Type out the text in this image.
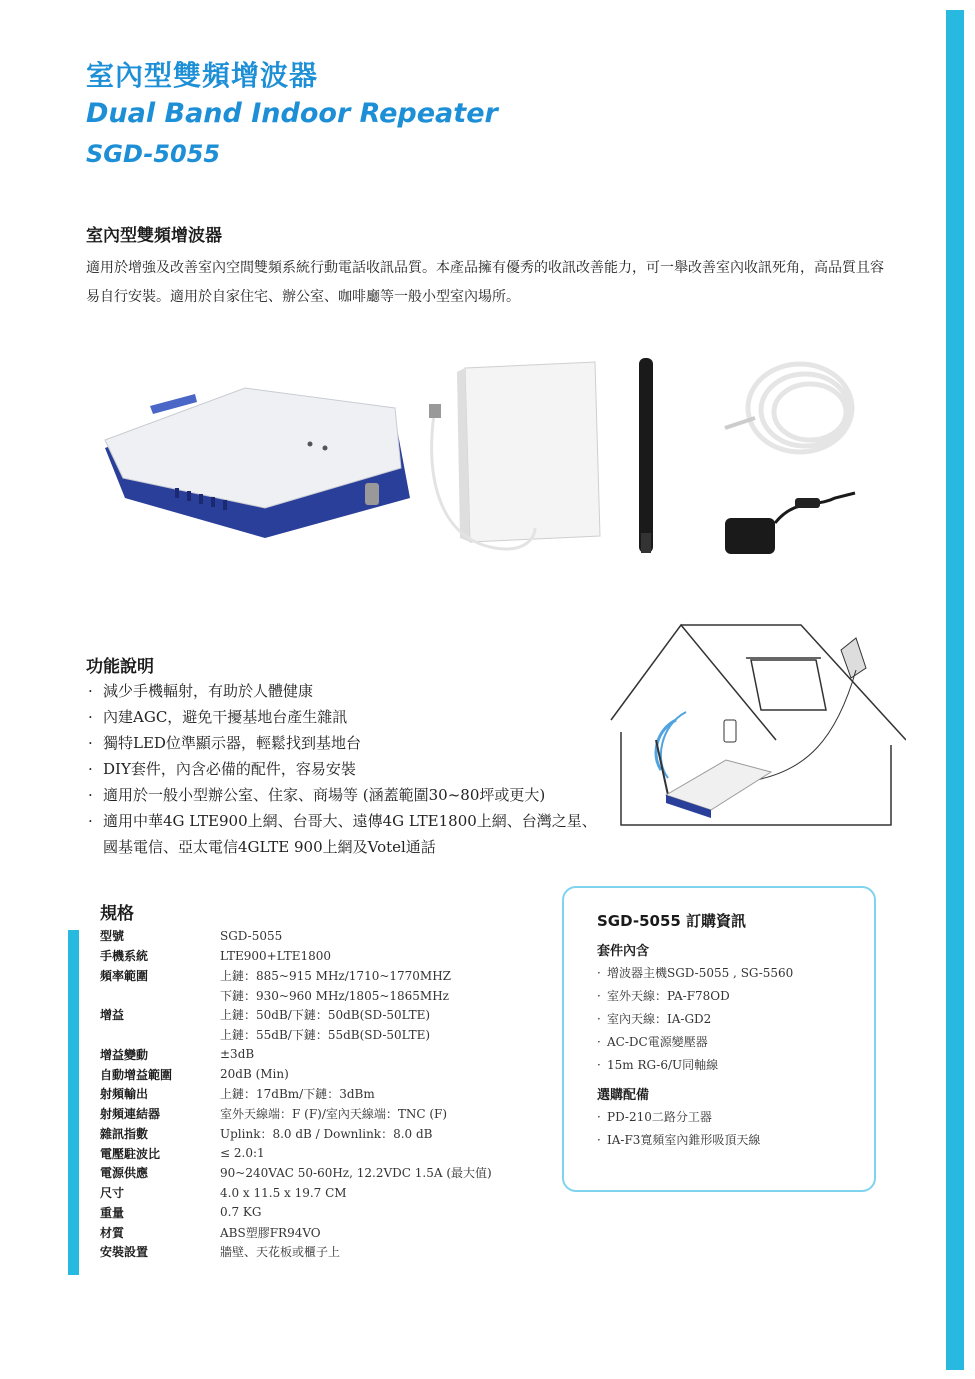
室內型雙頻增波器
Dual Band Indoor Repeater
SGD-5055
室內型雙頻增波器
適用於增強及改善室內空間雙頻系統行動電話收訊品質。本產品擁有優秀的收訊改善能力，可一舉改善室內收訊死角，高品質且容易自行安裝。適用於自家住宅、辦公室、咖啡廳等一般小型室內場所。
功能說明
· 減少手機輻射，有助於人體健康
· 內建AGC，避免干擾基地台產生雜訊
· 獨特LED位準顯示器，輕鬆找到基地台
· DIY套件，內含必備的配件，容易安裝
· 適用於一般小型辦公室、住家、商場等 (涵蓋範圍30~80坪或更大)
· 適用中華4G LTE900上網、台哥大、遠傳4G LTE1800上網、台灣之星、國基電信、亞太電信4GLTE 900上網及Votel通話
規格
型號	SGD-5055
手機系統	LTE900+LTE1800
頻率範圍	上鏈：885~915 MHz/1710~1770MHZ
	下鏈：930~960 MHz/1805~1865MHz
增益	上鏈：50dB/下鏈：50dB(SD-50LTE)
	上鏈：55dB/下鏈：55dB(SD-50LTE)
增益變動	±3dB
自動增益範圍	20dB (Min)
射頻輸出	上鏈：17dBm/下鏈：3dBm
射頻連結器	室外天線端：F (F)/室內天線端：TNC (F)
雜訊指數	Uplink：8.0 dB / Downlink：8.0 dB
電壓駐波比	≤ 2.0:1
電源供應	90~240VAC 50-60Hz, 12.2VDC 1.5A (最大值)
尺寸	4.0 x 11.5 x 19.7 CM
重量	0.7 KG
材質	ABS塑膠FR94VO
安裝設置	牆壁、天花板或櫃子上
SGD-5055 訂購資訊
套件內含
· 增波器主機SGD-5055 , SG-5560
· 室外天線：PA-F78OD
· 室內天線：IA-GD2
· AC-DC電源變壓器
· 15m RG-6/U同軸線
選購配備
· PD-210二路分工器
· IA-F3寬頻室內錐形吸頂天線
